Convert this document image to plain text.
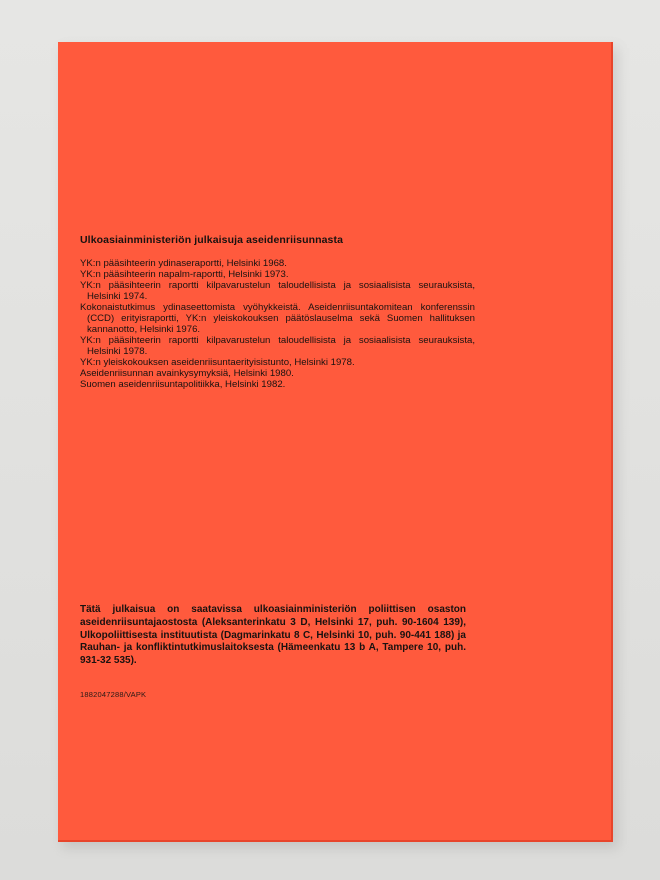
Ulkoasiainministeriön julkaisuja aseidenriisunnasta
YK:n pääsihteerin ydinaseraportti, Helsinki 1968.
YK:n pääsihteerin napalm-raportti, Helsinki 1973.
YK:n pääsihteerin raportti kilpavarustelun taloudellisista ja sosiaalisista seurauksista, Helsinki 1974.
Kokonaistutkimus ydinaseettomista vyöhykkeistä. Aseidenriisuntakomitean konferenssin (CCD) erityisraportti, YK:n yleiskokouksen päätöslauselma sekä Suomen hallituksen kannanotto, Helsinki 1976.
YK:n pääsihteerin raportti kilpavarustelun taloudellisista ja sosiaalisista seurauksista, Helsinki 1978.
YK:n yleiskokouksen aseidenriisuntaerityisistunto, Helsinki 1978.
Aseidenriisunnan avainkysymyksiä, Helsinki 1980.
Suomen aseidenriisuntapolitiikka, Helsinki 1982.

Tätä julkaisua on saatavissa ulkoasiainministeriön poliittisen osaston aseidenriisuntajaostosta (Aleksanterinkatu 3 D, Helsinki 17, puh. 90-1604 139), Ulkopoliittisesta instituutista (Dagmarinkatu 8 C, Helsinki 10, puh. 90-441 188) ja Rauhan- ja konfliktintutkimuslaitoksesta (Hämeenkatu 13 b A, Tampere 10, puh. 931-32 535).

1882047288/VAPK
